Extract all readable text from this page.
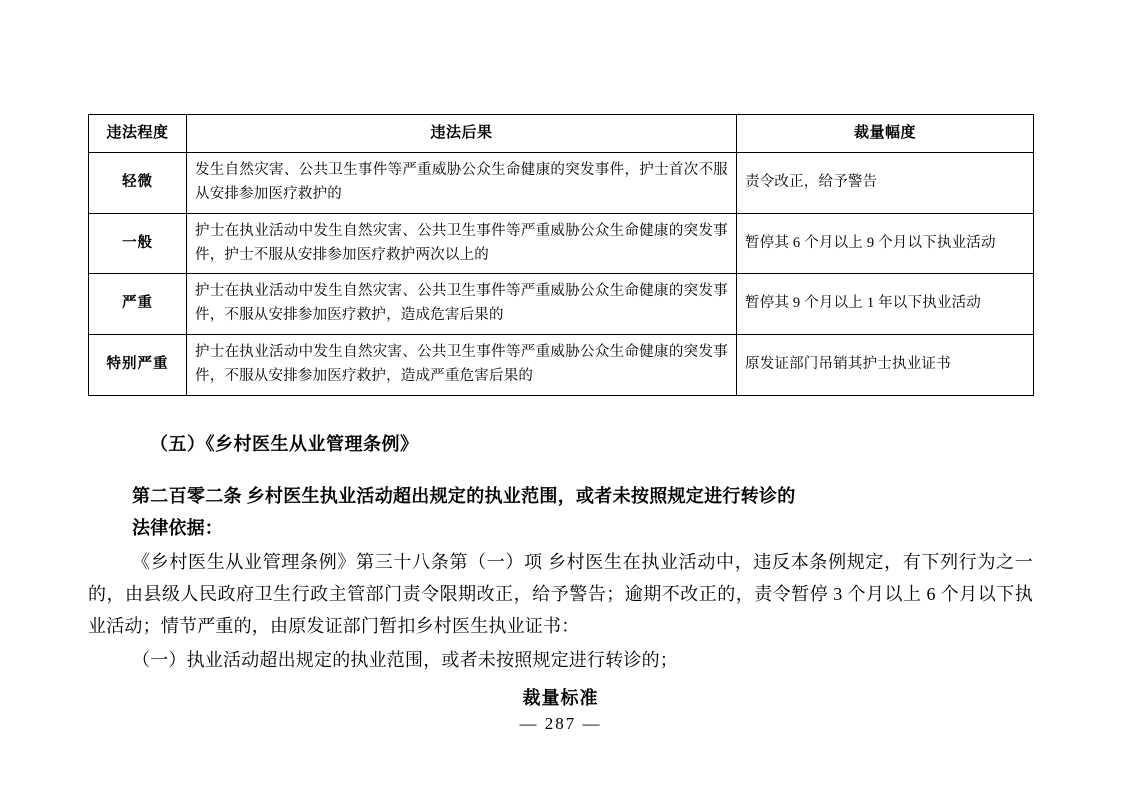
违法程度	违法后果	裁量幅度
轻微	发生自然灾害、公共卫生事件等严重威胁公众生命健康的突发事件，护士首次不服从安排参加医疗救护的	责令改正，给予警告
一般	护士在执业活动中发生自然灾害、公共卫生事件等严重威胁公众生命健康的突发事件，护士不服从安排参加医疗救护两次以上的	暂停其 6 个月以上 9 个月以下执业活动
严重	护士在执业活动中发生自然灾害、公共卫生事件等严重威胁公众生命健康的突发事件，不服从安排参加医疗救护，造成危害后果的	暂停其 9 个月以上 1 年以下执业活动
特别严重	护士在执业活动中发生自然灾害、公共卫生事件等严重威胁公众生命健康的突发事件，不服从安排参加医疗救护，造成严重危害后果的	原发证部门吊销其护士执业证书
（五）《乡村医生从业管理条例》
第二百零二条 乡村医生执业活动超出规定的执业范围，或者未按照规定进行转诊的
法律依据：
《乡村医生从业管理条例》第三十八条第（一）项 乡村医生在执业活动中，违反本条例规定，有下列行为之一的，由县级人民政府卫生行政主管部门责令限期改正，给予警告；逾期不改正的，责令暂停 3 个月以上 6 个月以下执业活动；情节严重的，由原发证部门暂扣乡村医生执业证书：
（一）执业活动超出规定的执业范围，或者未按照规定进行转诊的；
裁量标准
— 287 —
